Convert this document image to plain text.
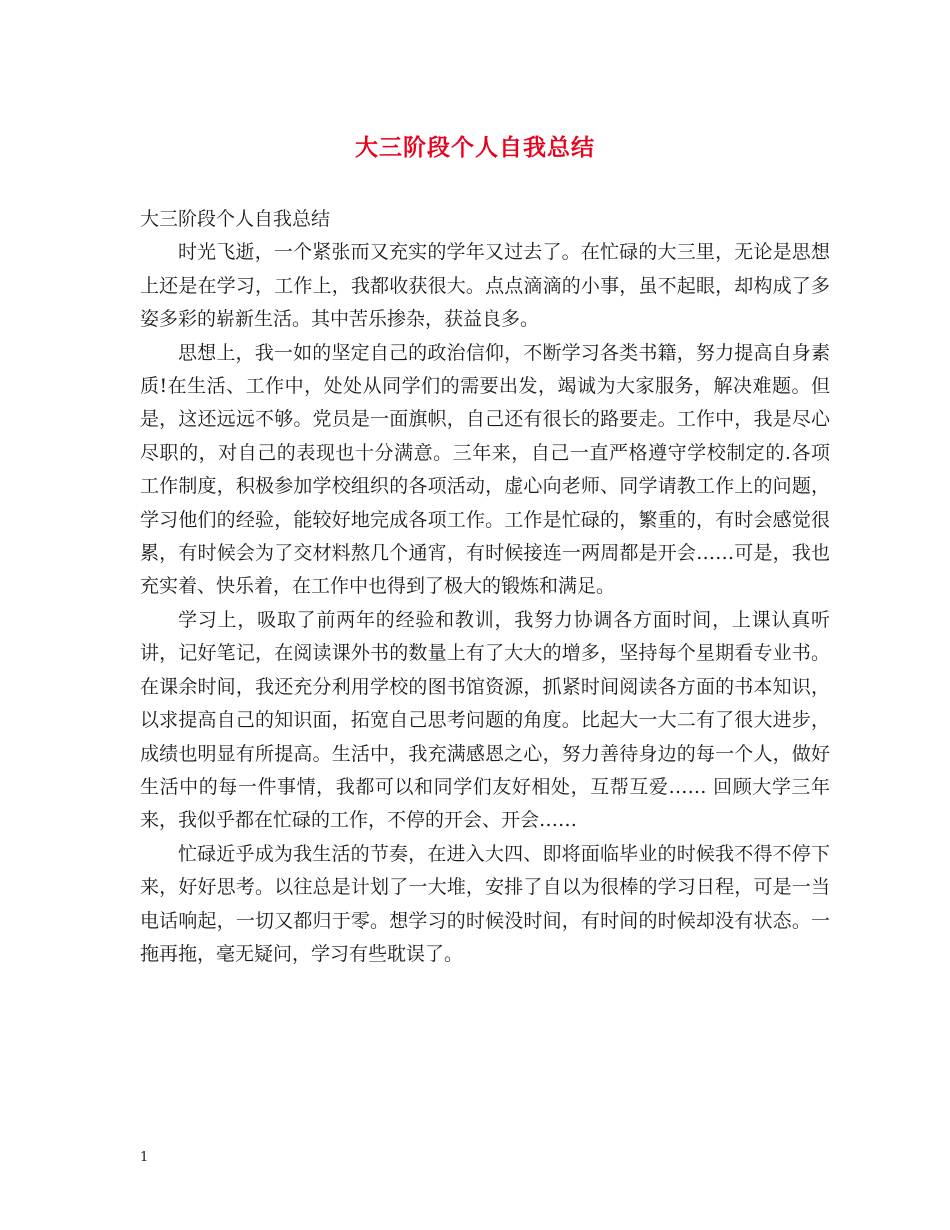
大三阶段个人自我总结

大三阶段个人自我总结

时光飞逝，一个紧张而又充实的学年又过去了。在忙碌的大三里，无论是思想上还是在学习，工作上，我都收获很大。点点滴滴的小事，虽不起眼，却构成了多姿多彩的崭新生活。其中苦乐掺杂，获益良多。

思想上，我一如的坚定自己的政治信仰，不断学习各类书籍，努力提高自身素质!在生活、工作中，处处从同学们的需要出发，竭诚为大家服务，解决难题。但是，这还远远不够。党员是一面旗帜，自己还有很长的路要走。工作中，我是尽心尽职的，对自己的表现也十分满意。三年来，自己一直严格遵守学校制定的.各项工作制度，积极参加学校组织的各项活动，虚心向老师、同学请教工作上的问题，学习他们的经验，能较好地完成各项工作。工作是忙碌的，繁重的，有时会感觉很累，有时候会为了交材料熬几个通宵，有时候接连一两周都是开会……可是，我也充实着、快乐着，在工作中也得到了极大的锻炼和满足。

学习上，吸取了前两年的经验和教训，我努力协调各方面时间，上课认真听讲，记好笔记，在阅读课外书的数量上有了大大的增多，坚持每个星期看专业书。在课余时间，我还充分利用学校的图书馆资源，抓紧时间阅读各方面的书本知识，以求提高自己的知识面，拓宽自己思考问题的角度。比起大一大二有了很大进步，成绩也明显有所提高。生活中，我充满感恩之心，努力善待身边的每一个人，做好生活中的每一件事情，我都可以和同学们友好相处，互帮互爱…… 回顾大学三年来，我似乎都在忙碌的工作，不停的开会、开会……

忙碌近乎成为我生活的节奏，在进入大四、即将面临毕业的时候我不得不停下来，好好思考。以往总是计划了一大堆，安排了自以为很棒的学习日程，可是一当电话响起，一切又都归于零。想学习的时候没时间，有时间的时候却没有状态。一拖再拖，毫无疑问，学习有些耽误了。

1
